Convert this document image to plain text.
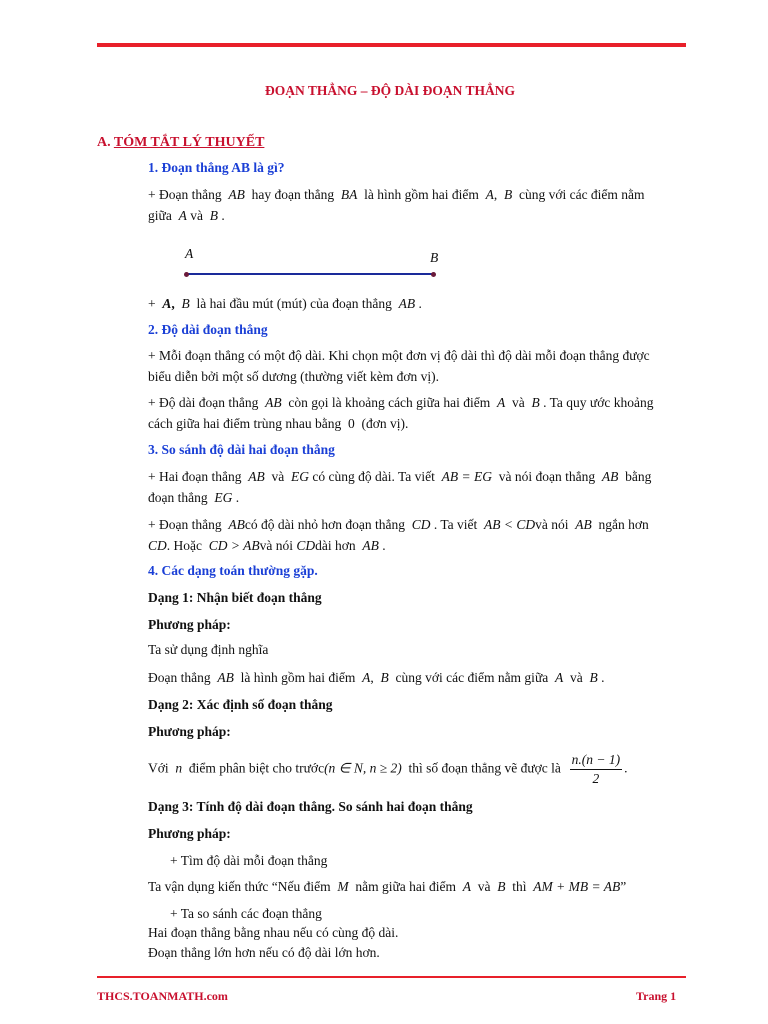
ĐOẠN THẲNG – ĐỘ DÀI ĐOẠN THẲNG
A. TÓM TẮT LÝ THUYẾT
1. Đoạn thẳng AB là gì?
+ Đoạn thẳng AB hay đoạn thẳng BA là hình gồm hai điểm A,  B cùng với các điểm nằm
giữa A và B .
A	B
+  A, B là hai đầu mút (mút) của đoạn thẳng AB .
2. Độ dài đoạn thẳng
+ Mỗi đoạn thẳng có một độ dài. Khi chọn một đơn vị độ dài thì độ dài mỗi đoạn thẳng được
biểu diễn bởi một số dương (thường viết kèm đơn vị).
+ Độ dài đoạn thẳng AB còn gọi là khoảng cách giữa hai điểm A và B . Ta quy ước khoảng
cách giữa hai điểm trùng nhau bằng 0 (đơn vị).
3. So sánh độ dài hai đoạn thẳng
+ Hai đoạn thẳng AB và EG có cùng độ dài. Ta viết AB = EG và nói đoạn thẳng AB bằng
đoạn thẳng EG .
+ Đoạn thẳng ABcó độ dài nhỏ hơn đoạn thẳng CD . Ta viết AB < CDvà nói AB ngắn hơn
CD. Hoặc CD > ABvà nói CDdài hơn AB .
4. Các dạng toán thường gặp.
Dạng 1: Nhận biết đoạn thẳng
Phương pháp:
Ta sử dụng định nghĩa
Đoạn thẳng AB là hình gồm hai điểm A,  B cùng với các điểm nằm giữa A và B .
Dạng 2: Xác định số đoạn thẳng
Phương pháp:
Với n điểm phân biệt cho trước(n ∈ N, n ≥ 2) thì số đoạn thẳng vẽ được là $\frac{n.(n - 1)}{2}$ .
Dạng 3: Tính độ dài đoạn thẳng. So sánh hai đoạn thẳng
Phương pháp:
+ Tìm độ dài mỗi đoạn thẳng
Ta vận dụng kiến thức “Nếu điểm M nằm giữa hai điểm A và B thì AM + MB = AB”
+ Ta so sánh các đoạn thẳng
Hai đoạn thẳng bằng nhau nếu có cùng độ dài.
Đoạn thẳng lớn hơn nếu có độ dài lớn hơn.
THCS.TOANMATH.com	Trang 1
